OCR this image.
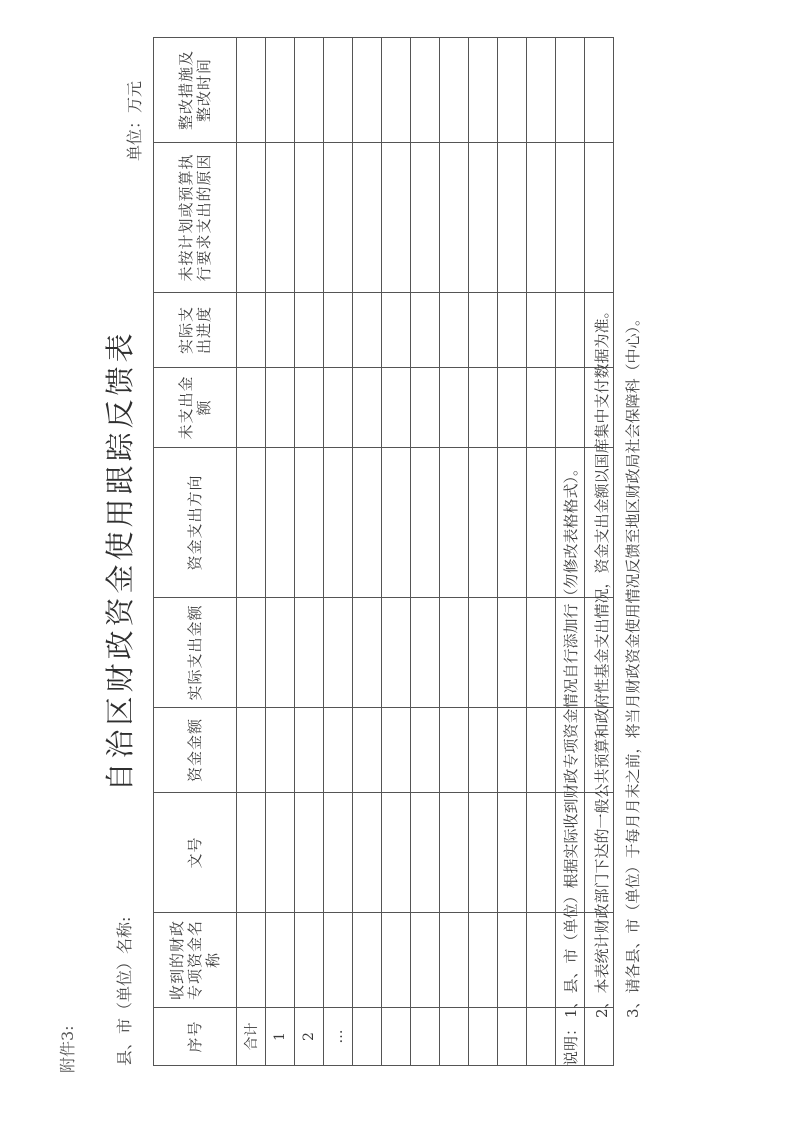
附件3:
自治区财政资金使用跟踪反馈表
县、市（单位）名称:
单位：万元
序号	收到的财政专项资金名称	文号	资金金额	实际支出金额	资金支出方向	未支出金额	实际支出进度	未按计划或预算执行要求支出的原因	整改措施及整改时间
合计									
1									
2									
…									

										说明：
1、县、市（单位）根据实际收到财政专项资金情况自行添加行（勿修改表格格式）。 2、本表统计财政部门下达的一般公共预算和政府性基金支出情况，资金支出金额以国库集中支付数据为准。 3、请各县、市（单位）于每月月末之前，将当月财政资金使用情况反馈至地区财政局社会保障科（中心）。
